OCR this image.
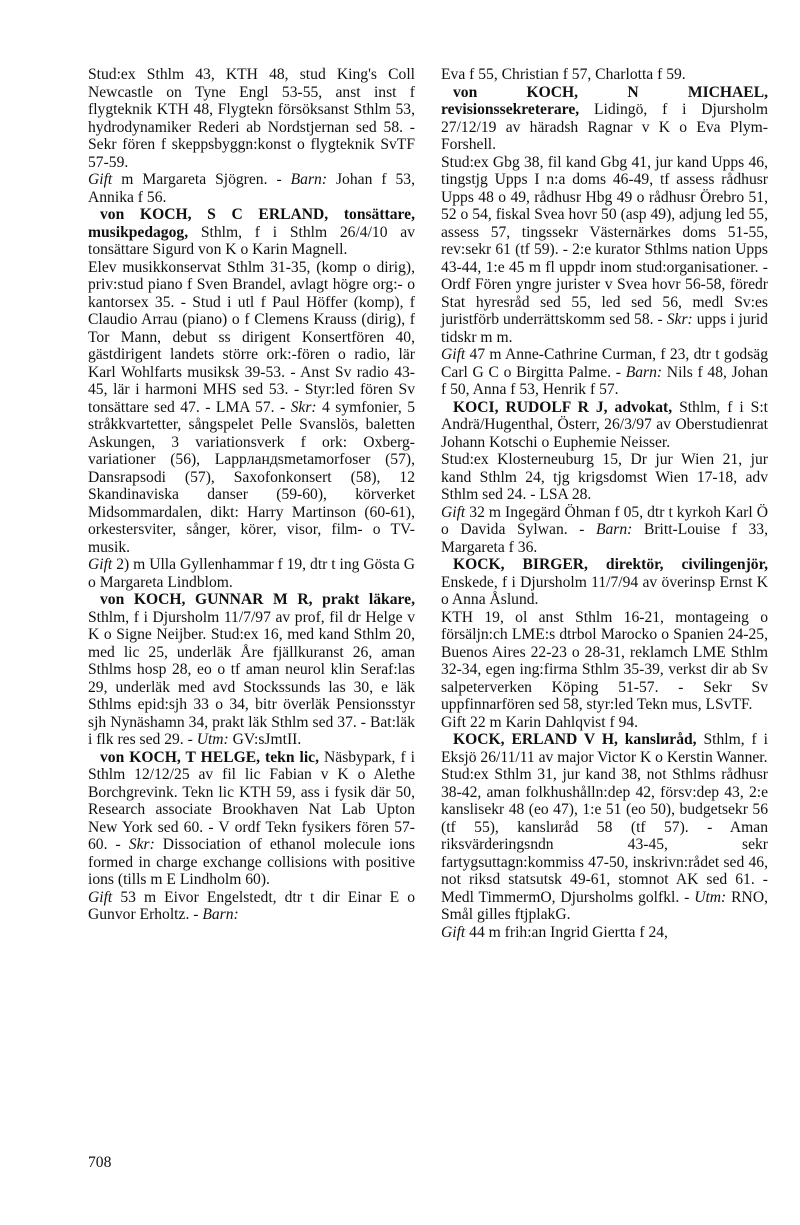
Stud:ex Sthlm 43, KTH 48, stud King's Coll Newcastle on Tyne Engl 53-55, anst inst f flygteknik KTH 48, Flygtekn försöksanst Sthlm 53, hydrodynamiker Rederi ab Nordstjernan sed 58. - Sekr fören f skeppsbyggn:konst o flygteknik SvTF 57-59.

Gift m Margareta Sjögren. - Barn: Johan f 53, Annika f 56.

von KOCH, S C ERLAND, tonsättare, musikpedagog, Sthlm, f i Sthlm 26/4/10 av tonsättare Sigurd von K o Karin Magnell.

Elev musikkonservat Sthlm 31-35, (komp o dirig), priv:stud piano f Sven Brandel, avlagt högre org:- o kantorsex 35. - Stud i utl f Paul Höffer (komp), f Claudio Arrau (piano) o f Clemens Krauss (dirig), f Tor Mann, debut ss dirigent Konsertfören 40, gästdirigent landets större ork:-fören o radio, lär Karl Wohlfarts musiksk 39-53. - Anst Sv radio 43-45, lär i harmoni MHS sed 53. - Styr:led fören Sv tonsättare sed 47. - LMA 57. - Skr: 4 symfonier, 5 stråkkvartetter, sångspelet Pelle Svanslös, baletten Askungen, 3 variationsverk f ork: Oxberg-variationer (56), Lappландsmetamorfoser (57), Dansrapsodi (57), Saxofonkonsert (58), 12 Skandinaviska danser (59-60), körverket Midsommardalen, dikt: Harry Martinson (60-61), orkestersviter, sånger, körer, visor, film- o TV-musik.

Gift 2) m Ulla Gyllenhammar f 19, dtr t ing Gösta G o Margareta Lindblom.

von KOCH, GUNNAR M R, prakt läkare, Sthlm, f i Djursholm 11/7/97 av prof, fil dr Helge v K o Signe Neijber. Stud:ex 16, med kand Sthlm 20, med lic 25, underläk Åre fjällkuranst 26, aman Sthlms hosp 28, eo o tf aman neurol klin Seraf:las 29, underläk med avd Stockssunds las 30, e läk Sthlms epid:sjh 33 o 34, bitr överläk Pensionsstyr sjh Nynäshamn 34, prakt läk Sthlm sed 37. - Bat:läk i flk res sed 29. - Utm: GV:sJmtII.

von KOCH, T HELGE, tekn lic, Näsbypark, f i Sthlm 12/12/25 av fil lic Fabian v K o Alethe Borchgrevink. Tekn lic KTH 59, ass i fysik där 50, Research associate Brookhaven Nat Lab Upton New York sed 60. - V ordf Tekn fysikers fören 57-60. - Skr: Dissociation of ethanol molecule ions formed in charge exchange collisions with positive ions (tills m E Lindholm 60).

Gift 53 m Eivor Engelstedt, dtr t dir Einar E o Gunvor Erholtz. - Barn:

Eva f 55, Christian f 57, Charlotta f 59.

von KOCH, N MICHAEL, revisionssekreterare, Lidingö, f i Djursholm 27/12/19 av häradsh Ragnar v K o Eva Plym-Forshell.

Stud:ex Gbg 38, fil kand Gbg 41, jur kand Upps 46, tingstjg Upps I n:a doms 46-49, tf assess rådhusr Upps 48 o 49, rådhusr Hbg 49 o rådhusr Örebro 51, 52 o 54, fiskal Svea hovr 50 (asp 49), adjung led 55, assess 57, tingssekr Västernärkes doms 51-55, rev:sekr 61 (tf 59). - 2:e kurator Sthlms nation Upps 43-44, 1:e 45 m fl uppdr inom stud:organisationer. - Ordf Fören yngre jurister v Svea hovr 56-58, föredr Stat hyresråd sed 55, led sed 56, medl Sv:es juristförb underrättskomm sed 58. - Skr: upps i jurid tidskr m m.

Gift 47 m Anne-Cathrine Curman, f 23, dtr t godsäg Carl G C o Birgitta Palme. - Barn: Nils f 48, Johan f 50, Anna f 53, Henrik f 57.

KOCI, RUDOLF R J, advokat, Sthlm, f i S:t Andrä/Hugenthal, Österr, 26/3/97 av Oberstudienrat Johann Kotschi o Euphemie Neisser.

Stud:ex Klosterneuburg 15, Dr jur Wien 21, jur kand Sthlm 24, tjg krigsdomst Wien 17-18, adv Sthlm sed 24. - LSA 28.

Gift 32 m Ingegärd Öhman f 05, dtr t kyrkoh Karl Ö o Davida Sylwan. - Barn: Britt-Louise f 33, Margareta f 36.

KOCK, BIRGER, direktör, civilingenjör, Enskede, f i Djursholm 11/7/94 av överinsp Ernst K o Anna Åslund.

KTH 19, ol anst Sthlm 16-21, montageing o försäljn:ch LME:s dtrbol Marocko o Spanien 24-25, Buenos Aires 22-23 o 28-31, reklamch LME Sthlm 32-34, egen ing:firma Sthlm 35-39, verkst dir ab Sv salpeterverken Köping 51-57. - Sekr Sv uppfinnarfören sed 58, styr:led Tekn mus, LSvTF.

Gift 22 m Karin Dahlqvist f 94.

KOCK, ERLAND V H, kanslиråd, Sthlm, f i Eksjö 26/11/11 av major Victor K o Kerstin Wanner.

Stud:ex Sthlm 31, jur kand 38, not Sthlms rådhusr 38-42, aman folkhushålln:dep 42, försv:dep 43, 2:e kanslisekr 48 (eo 47), 1:e 51 (eo 50), budgetsekr 56 (tf 55), kanslиråd 58 (tf 57). - Aman riksvärderingsndn 43-45, sekr fartygsuttagn:kommiss 47-50, inskrivn:rådet sed 46, not riksd statsutsk 49-61, stomnot AK sed 61. - Medl TimmermO, Djursholms golfkl. - Utm: RNO, Smål gilles ftjplakG.

Gift 44 m frih:an Ingrid Giertta f 24,

708
